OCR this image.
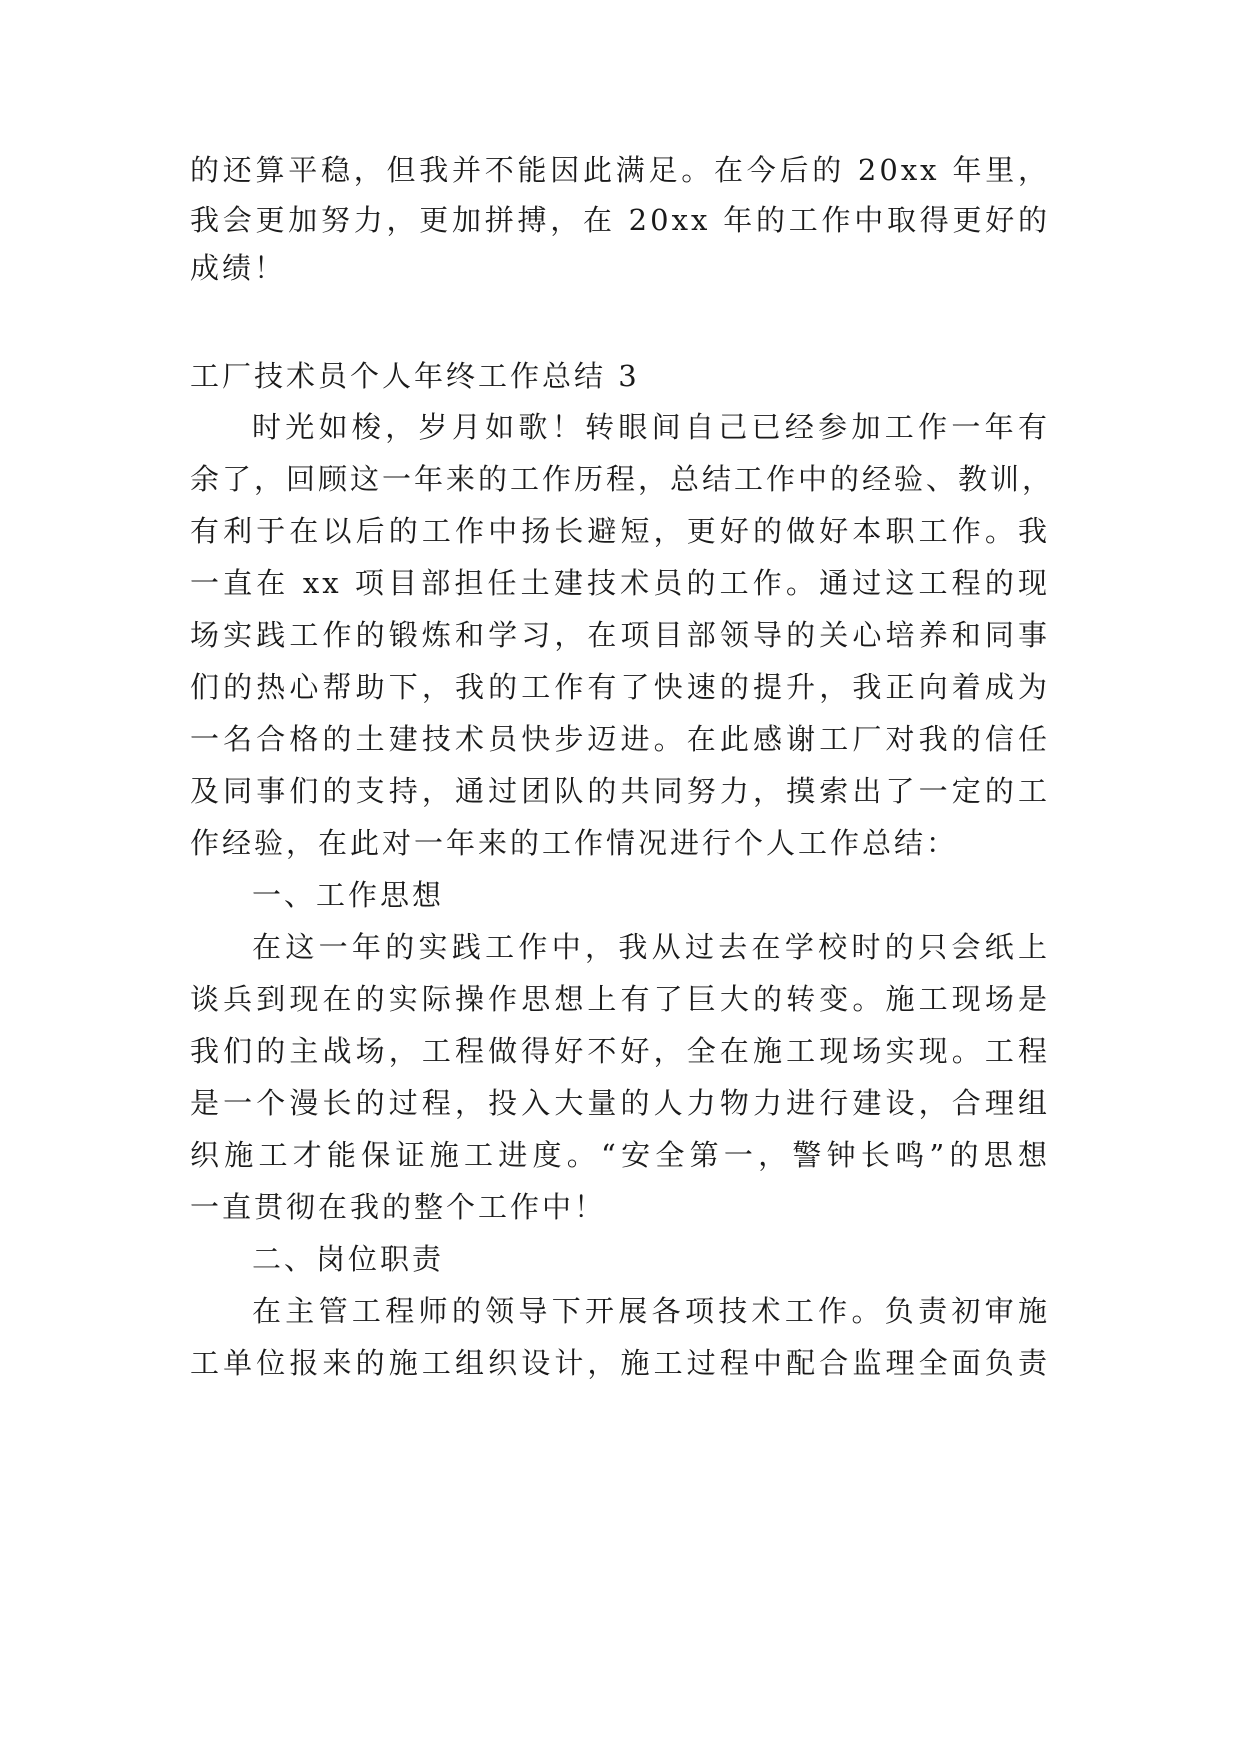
的还算平稳，但我并不能因此满足。在今后的 20xx 年里，
我会更加努力，更加拼搏，在 20xx 年的工作中取得更好的
成绩！
工厂技术员个人年终工作总结 3
时光如梭，岁月如歌！转眼间自己已经参加工作一年有
余了，回顾这一年来的工作历程，总结工作中的经验、教训，
有利于在以后的工作中扬长避短，更好的做好本职工作。我
一直在 xx 项目部担任土建技术员的工作。通过这工程的现
场实践工作的锻炼和学习，在项目部领导的关心培养和同事
们的热心帮助下，我的工作有了快速的提升，我正向着成为
一名合格的土建技术员快步迈进。在此感谢工厂对我的信任
及同事们的支持，通过团队的共同努力，摸索出了一定的工
作经验，在此对一年来的工作情况进行个人工作总结：
一、工作思想
在这一年的实践工作中，我从过去在学校时的只会纸上
谈兵到现在的实际操作思想上有了巨大的转变。施工现场是
我们的主战场，工程做得好不好，全在施工现场实现。工程
是一个漫长的过程，投入大量的人力物力进行建设，合理组
织施工才能保证施工进度。“安全第一，警钟长鸣”的思想
一直贯彻在我的整个工作中！
二、岗位职责
在主管工程师的领导下开展各项技术工作。负责初审施
工单位报来的施工组织设计，施工过程中配合监理全面负责
